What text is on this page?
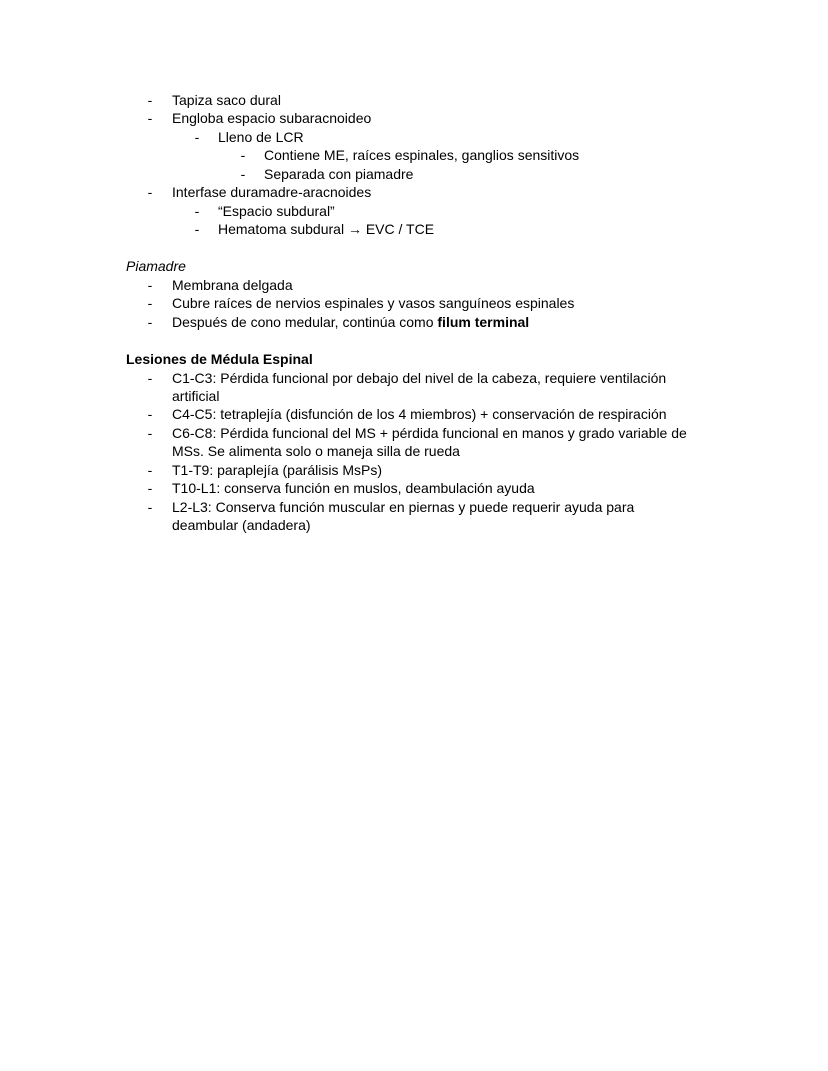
- Tapiza saco dural
- Engloba espacio subaracnoideo
- Lleno de LCR
- Contiene ME, raíces espinales, ganglios sensitivos
- Separada con piamadre
- Interfase duramadre-aracnoides
- “Espacio subdural”
- Hematoma subdural → EVC / TCE
Piamadre
- Membrana delgada
- Cubre raíces de nervios espinales y vasos sanguíneos espinales
- Después de cono medular, continúa como filum terminal
Lesiones de Médula Espinal
- C1-C3: Pérdida funcional por debajo del nivel de la cabeza, requiere ventilación
artificial
- C4-C5: tetraplejía (disfunción de los 4 miembros) + conservación de respiración
- C6-C8: Pérdida funcional del MS + pérdida funcional en manos y grado variable de
MSs. Se alimenta solo o maneja silla de rueda
- T1-T9: paraplejía (parálisis MsPs)
- T10-L1: conserva función en muslos, deambulación ayuda
- L2-L3: Conserva función muscular en piernas y puede requerir ayuda para
deambular (andadera)
